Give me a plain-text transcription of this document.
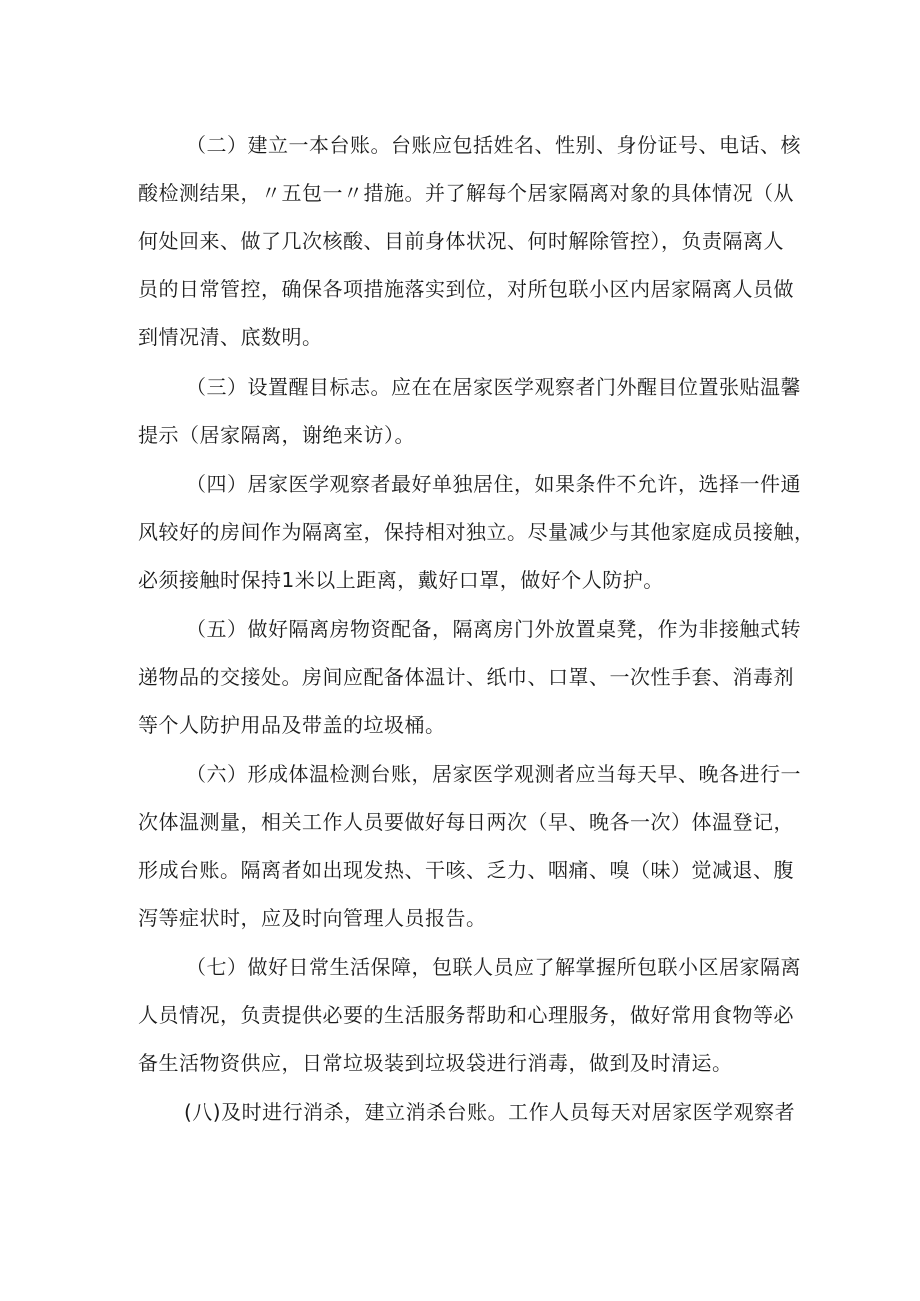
（二）建立一本台账。台账应包括姓名、性别、身份证号、电话、核
酸检测结果，〃五包一〃措施。并了解每个居家隔离对象的具体情况（从
何处回来、做了几次核酸、目前身体状况、何时解除管控），负责隔离人
员的日常管控，确保各项措施落实到位，对所包联小区内居家隔离人员做
到情况清、底数明。
（三）设置醒目标志。应在在居家医学观察者门外醒目位置张贴温馨
提示（居家隔离，谢绝来访）。
（四）居家医学观察者最好单独居住，如果条件不允许，选择一件通
风较好的房间作为隔离室，保持相对独立。尽量减少与其他家庭成员接触，
必须接触时保持1米以上距离，戴好口罩，做好个人防护。
（五）做好隔离房物资配备，隔离房门外放置桌凳，作为非接触式转
递物品的交接处。房间应配备体温计、纸巾、口罩、一次性手套、消毒剂
等个人防护用品及带盖的垃圾桶。
（六）形成体温检测台账，居家医学观测者应当每天早、晚各进行一
次体温测量，相关工作人员要做好每日两次（早、晚各一次）体温登记，
形成台账。隔离者如出现发热、干咳、乏力、咽痛、嗅（味）觉减退、腹
泻等症状时，应及时向管理人员报告。
（七）做好日常生活保障，包联人员应了解掌握所包联小区居家隔离
人员情况，负责提供必要的生活服务帮助和心理服务，做好常用食物等必
备生活物资供应，日常垃圾装到垃圾袋进行消毒，做到及时清运。
(八)及时进行消杀，建立消杀台账。工作人员每天对居家医学观察者
